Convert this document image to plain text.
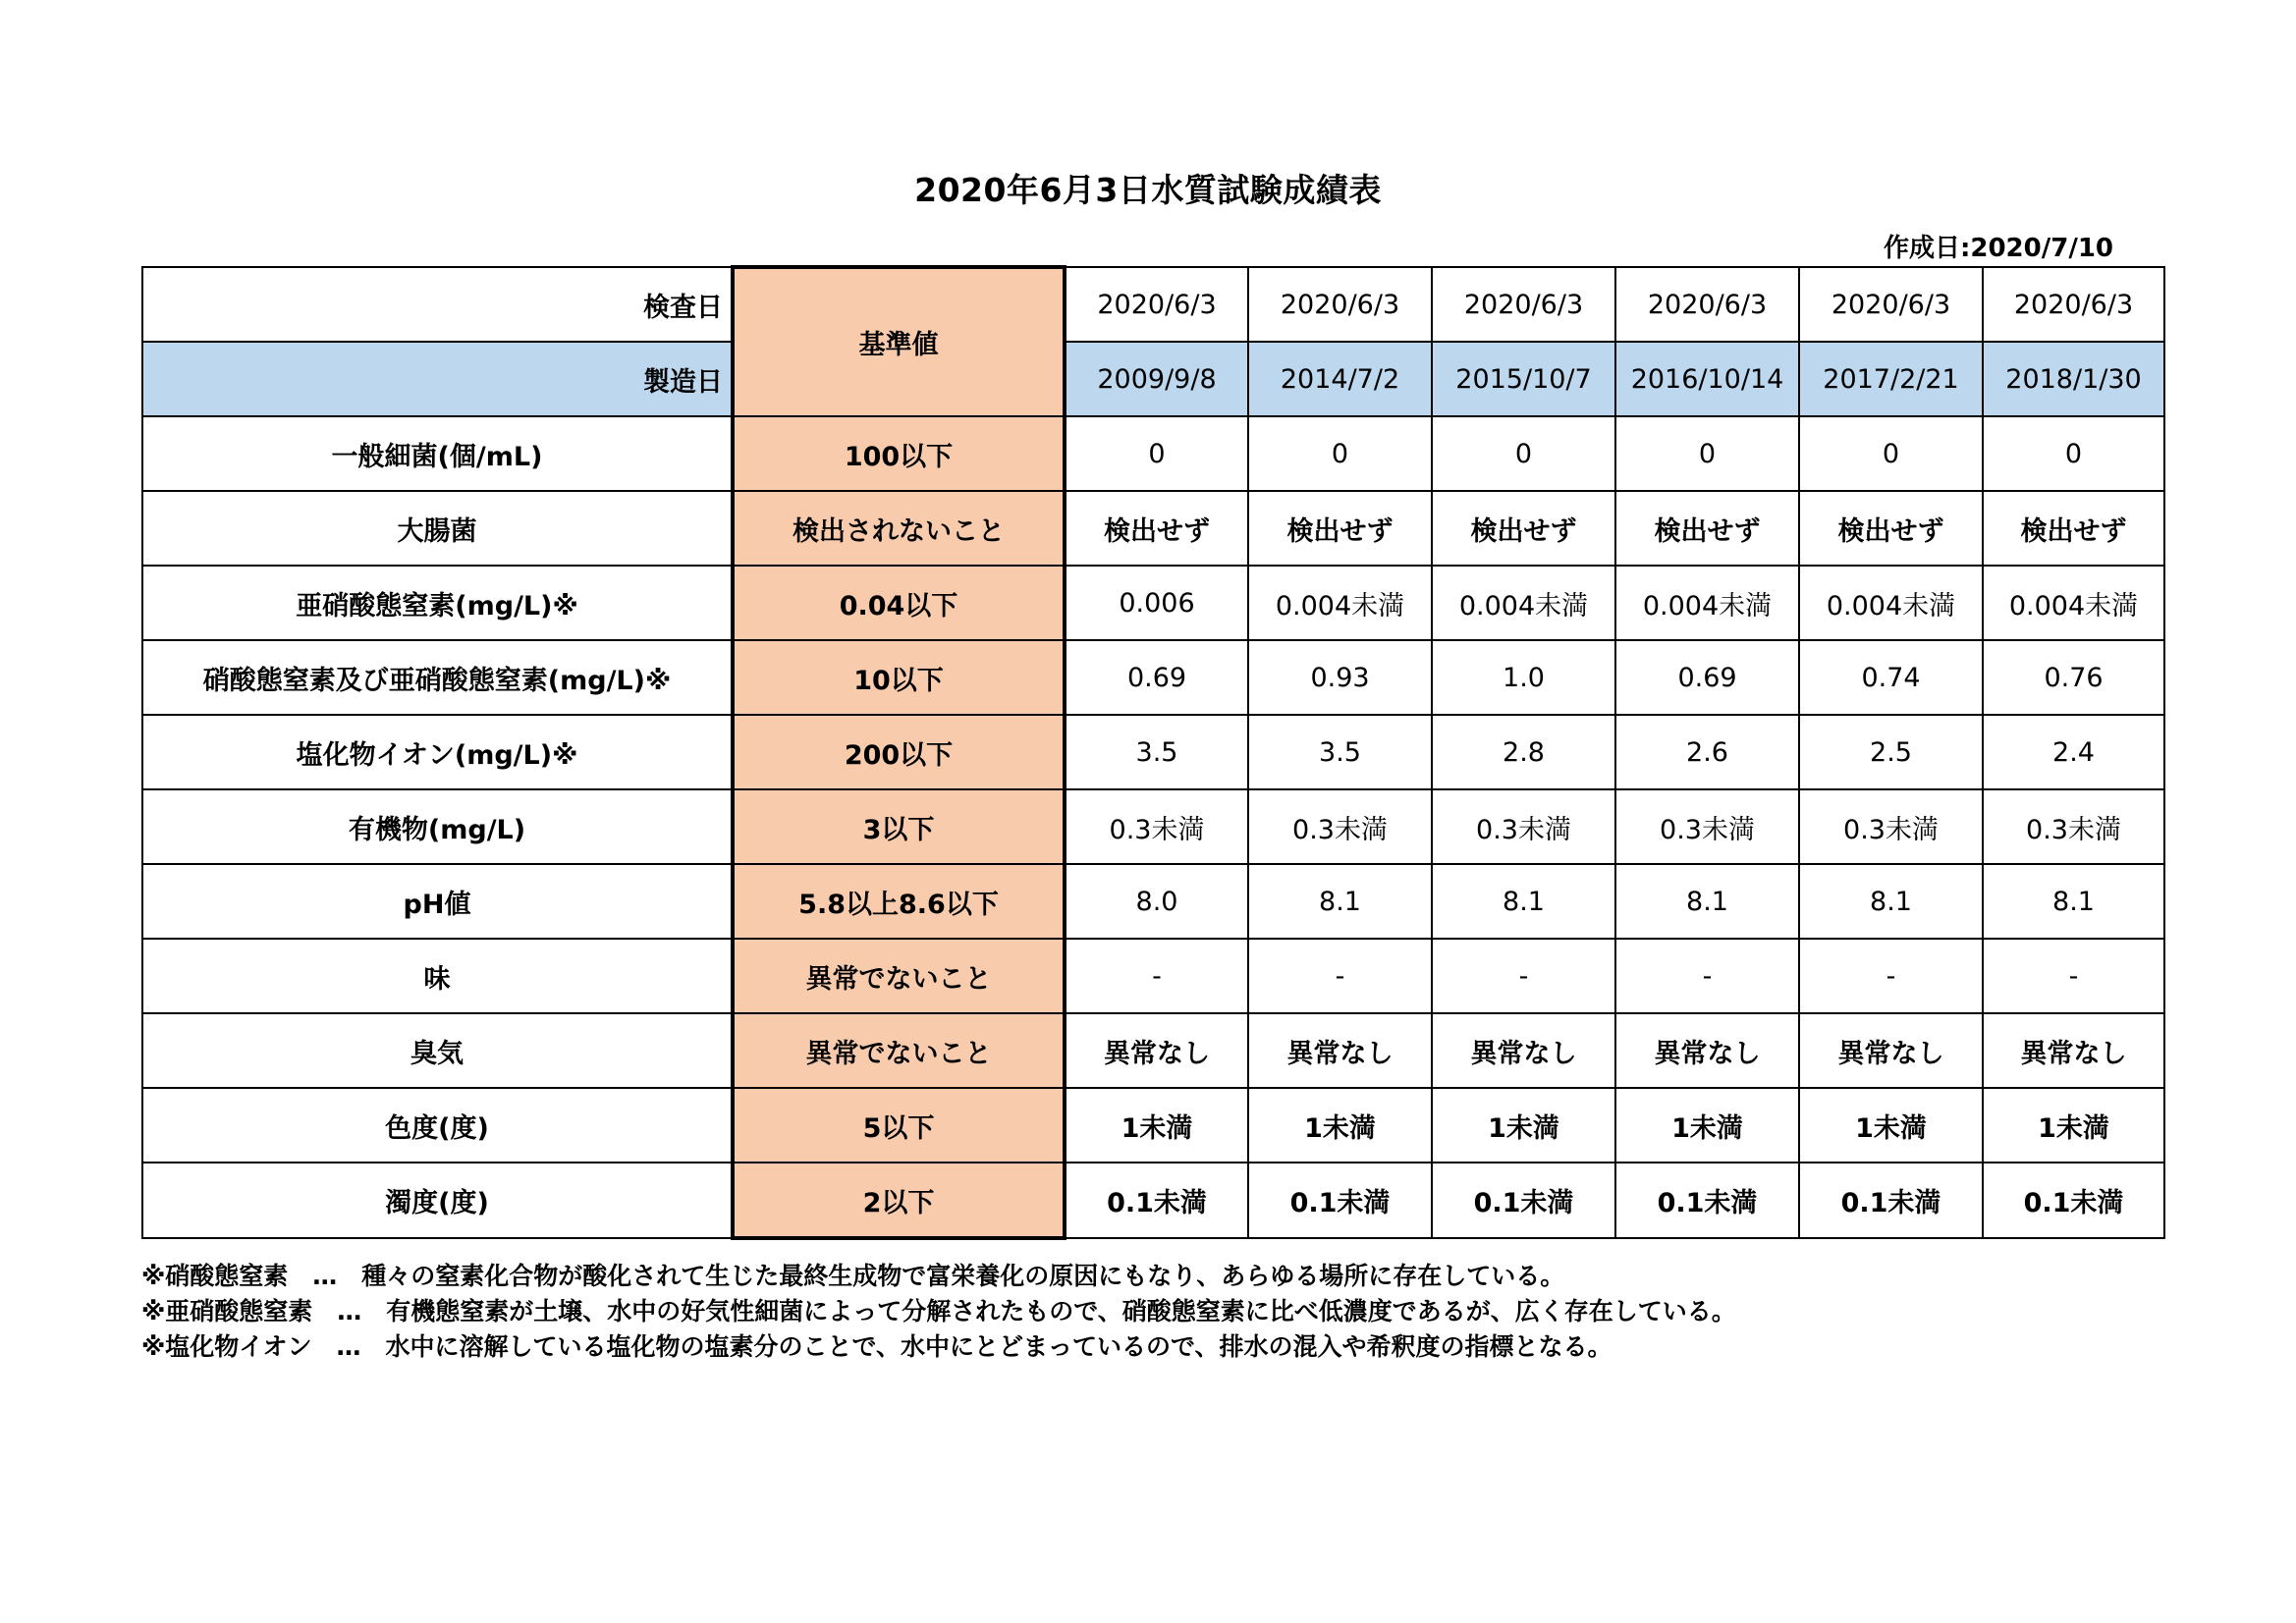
2020年6月3日水質試験成績表
作成日:2020/7/10
検査日	基準値	2020/6/3	2020/6/3	2020/6/3	2020/6/3	2020/6/3	2020/6/3
製造日		2009/9/8	2014/7/2	2015/10/7	2016/10/14	2017/2/21	2018/1/30
一般細菌(個/mL)	100以下	0	0	0	0	0	0
大腸菌	検出されないこと	検出せず	検出せず	検出せず	検出せず	検出せず	検出せず
亜硝酸態窒素(mg/L)※	0.04以下	0.006	0.004未満	0.004未満	0.004未満	0.004未満	0.004未満
硝酸態窒素及び亜硝酸態窒素(mg/L)※	10以下	0.69	0.93	1.0	0.69	0.74	0.76
塩化物イオン(mg/L)※	200以下	3.5	3.5	2.8	2.6	2.5	2.4
有機物(mg/L)	3以下	0.3未満	0.3未満	0.3未満	0.3未満	0.3未満	0.3未満
pH値	5.8以上8.6以下	8.0	8.1	8.1	8.1	8.1	8.1
味	異常でないこと	-	-	-	-	-	-
臭気	異常でないこと	異常なし	異常なし	異常なし	異常なし	異常なし	異常なし
色度(度)	5以下	1未満	1未満	1未満	1未満	1未満	1未満
濁度(度)	2以下	0.1未満	0.1未満	0.1未満	0.1未満	0.1未満	0.1未満
※硝酸態窒素　…　種々の窒素化合物が酸化されて生じた最終生成物で富栄養化の原因にもなり、あらゆる場所に存在している。
※亜硝酸態窒素　…　有機態窒素が土壌、水中の好気性細菌によって分解されたもので、硝酸態窒素に比べ低濃度であるが、広く存在している。
※塩化物イオン　…　水中に溶解している塩化物の塩素分のことで、水中にとどまっているので、排水の混入や希釈度の指標となる。
